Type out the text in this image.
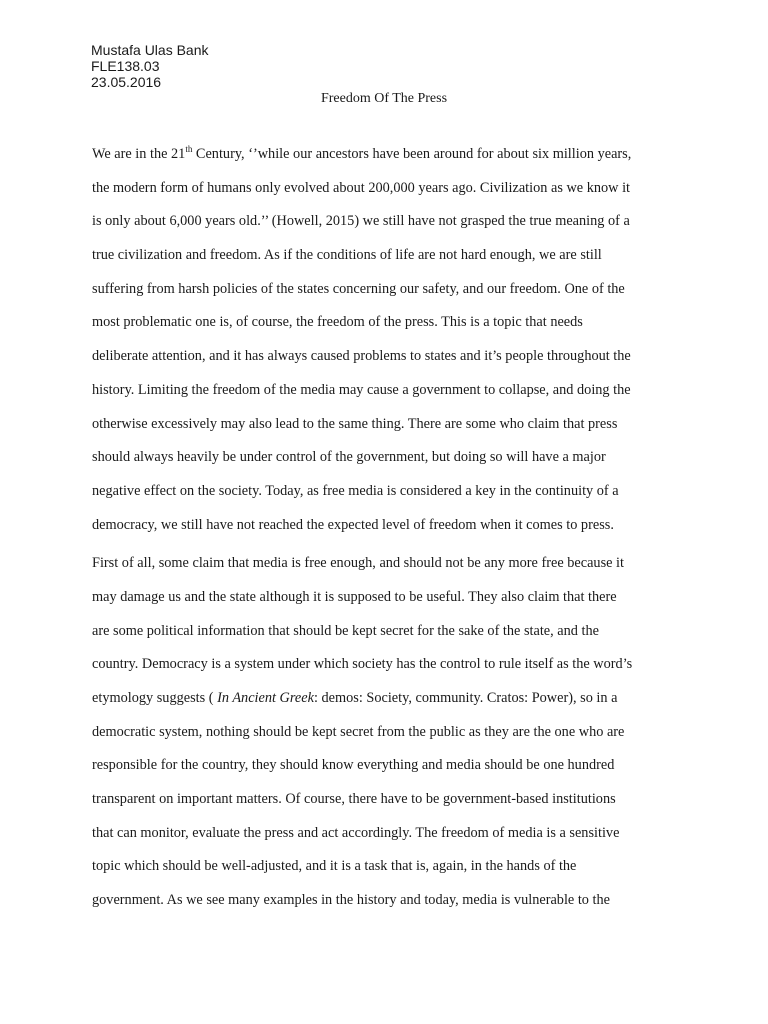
Mustafa Ulas Bank
FLE138.03
23.05.2016
Freedom Of The Press
We are in the 21th Century, ‘’while our ancestors have been around for about six million years,
the modern form of humans only evolved about 200,000 years ago. Civilization as we know it
is only about 6,000 years old.’’ (Howell, 2015) we still have not grasped the true meaning of a
true civilization and freedom. As if the conditions of life are not hard enough, we are still
suffering from harsh policies of the states concerning our safety, and our freedom. One of the
most problematic one is, of course, the freedom of the press. This is a topic that needs
deliberate attention, and it has always caused problems to states and it’s people throughout the
history. Limiting the freedom of the media may cause a government to collapse, and doing the
otherwise excessively may also lead to the same thing. There are some who claim that press
should always heavily be under control of the government, but doing so will have a major
negative effect on the society. Today, as free media is considered a key in the continuity of a
democracy, we still have not reached the expected level of freedom when it comes to press.
First of all, some claim that media is free enough, and should not be any more free because it
may damage us and the state although it is supposed to be useful. They also claim that there
are some political information that should be kept secret for the sake of the state, and the
country. Democracy is a system under which society has the control to rule itself as the word’s
etymology suggests ( In Ancient Greek: demos: Society, community. Cratos: Power), so in a
democratic system, nothing should be kept secret from the public as they are the one who are
responsible for the country, they should know everything and media should be one hundred
transparent on important matters. Of course, there have to be government-based institutions
that can monitor, evaluate the press and act accordingly. The freedom of media is a sensitive
topic which should be well-adjusted, and it is a task that is, again, in the hands of the
government. As we see many examples in the history and today, media is vulnerable to the
